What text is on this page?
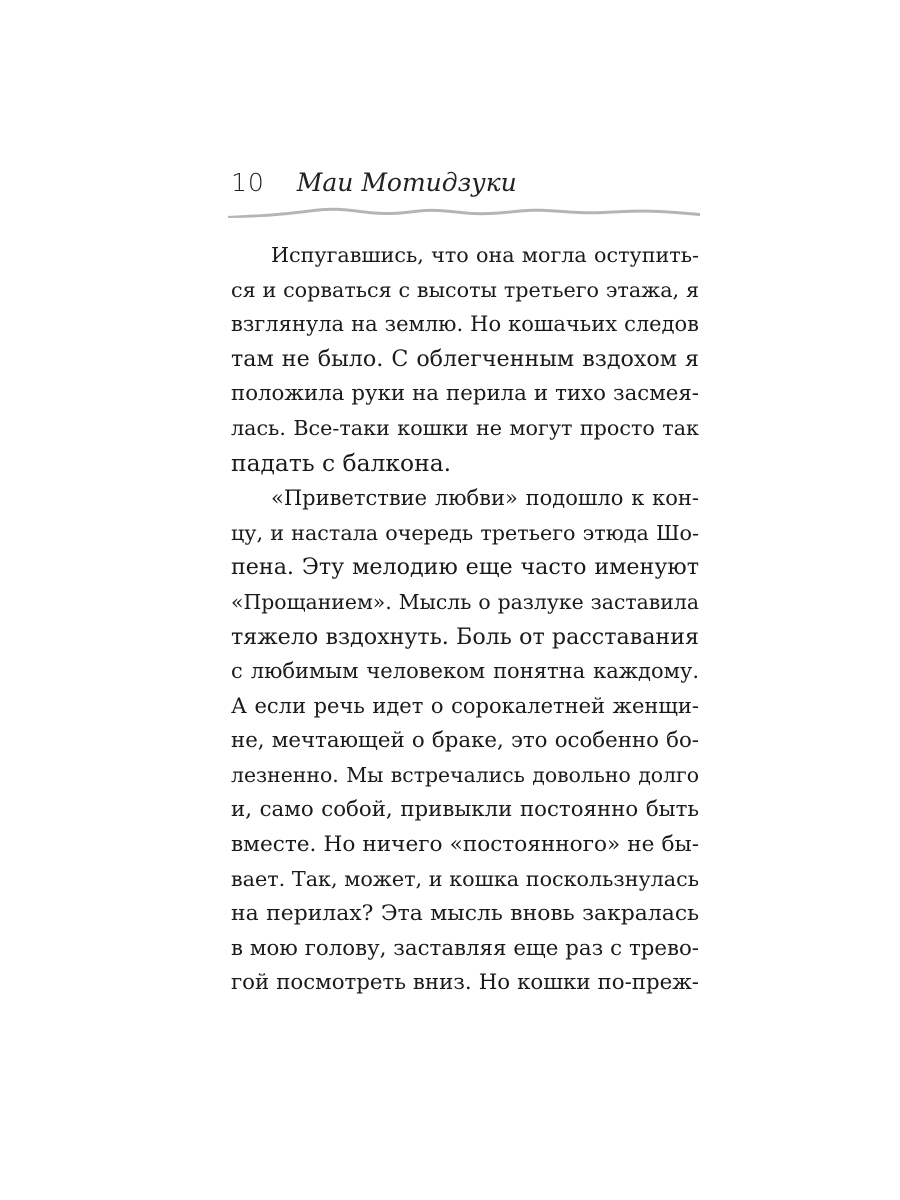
10 Маи Мотидзуки
Испугавшись, что она могла оступить-
ся и сорваться с высоты третьего этажа, я
взглянула на землю. Но кошачьих следов
там не было. С облегченным вздохом я
положила руки на перила и тихо засмея-
лась. Все-таки кошки не могут просто так
падать с балкона.
«Приветствие любви» подошло к кон-
цу, и настала очередь третьего этюда Шо-
пена. Эту мелодию еще часто именуют
«Прощанием». Мысль о разлуке заставила
тяжело вздохнуть. Боль от расставания
с любимым человеком понятна каждому.
А если речь идет о сорокалетней женщи-
не, мечтающей о браке, это особенно бо-
лезненно. Мы встречались довольно долго
и, само собой, привыкли постоянно быть
вместе. Но ничего «постоянного» не бы-
вает. Так, может, и кошка поскользнулась
на перилах? Эта мысль вновь закралась
в мою голову, заставляя еще раз с трево-
гой посмотреть вниз. Но кошки по-преж-
